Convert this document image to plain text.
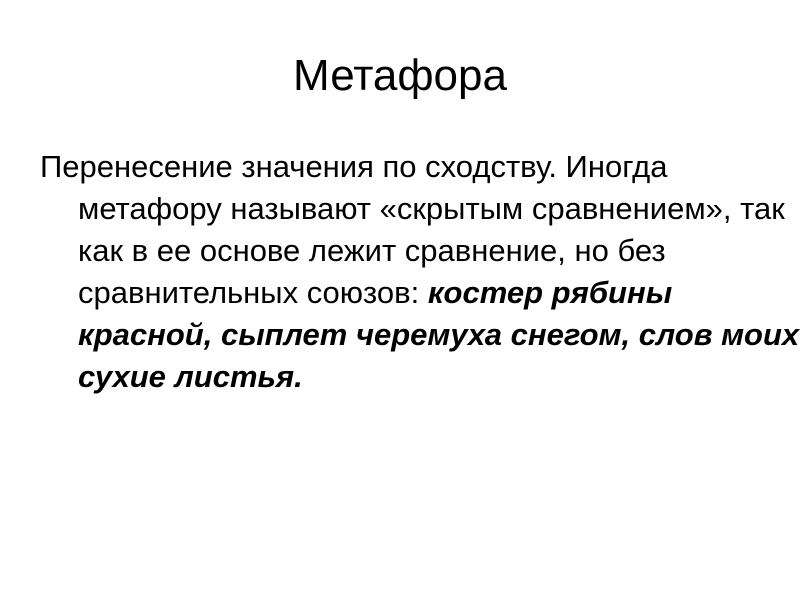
Метафора
Перенесение значения по сходству. Иногда метафору называют «скрытым сравнением», так как в ее основе лежит сравнение, но без сравнительных союзов: костер рябины красной, сыплет черемуха снегом, слов моих сухие листья.
